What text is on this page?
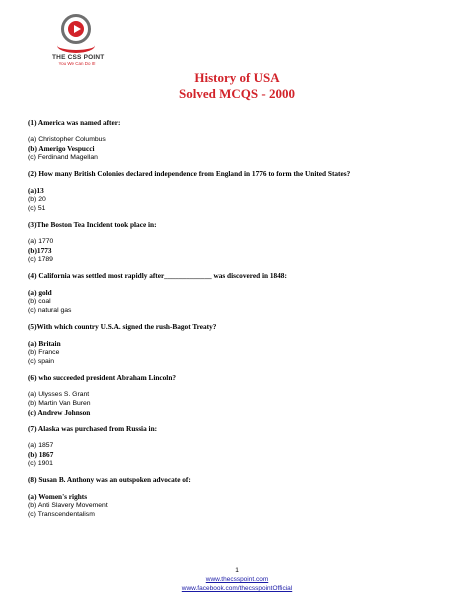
THE CSS POINT
You We Can Do It!
History of USA
Solved MCQS - 2000
(1) America was named after:
(a) Christopher Columbus
(b) Amerigo Vespucci
(c) Ferdinand Magellan
(2) How many British Colonies declared independence from England in 1776 to form the United States?
(a)13
(b) 20
(c) 51
(3)The Boston Tea Incident took place in:
(a) 1770
(b)1773
(c) 1789
(4) California was settled most rapidly after_____________ was discovered in 1848:
(a) gold
(b) coal
(c) natural gas
(5)With which country U.S.A. signed the rush-Bagot Treaty?
(a) Britain
(b) France
(c) spain
(6) who succeeded president Abraham Lincoln?
(a) Ulysses S. Grant
(b) Martin Van Buren
(c) Andrew Johnson
(7) Alaska was purchased from Russia in:
(a) 1857
(b) 1867
(c) 1901
(8) Susan B. Anthony was an outspoken advocate of:
(a) Women's rights
(b) Anti Slavery Movement
(c) Transcendentalism
1
www.thecsspoint.com
www.facebook.com/thecsspointOfficial
